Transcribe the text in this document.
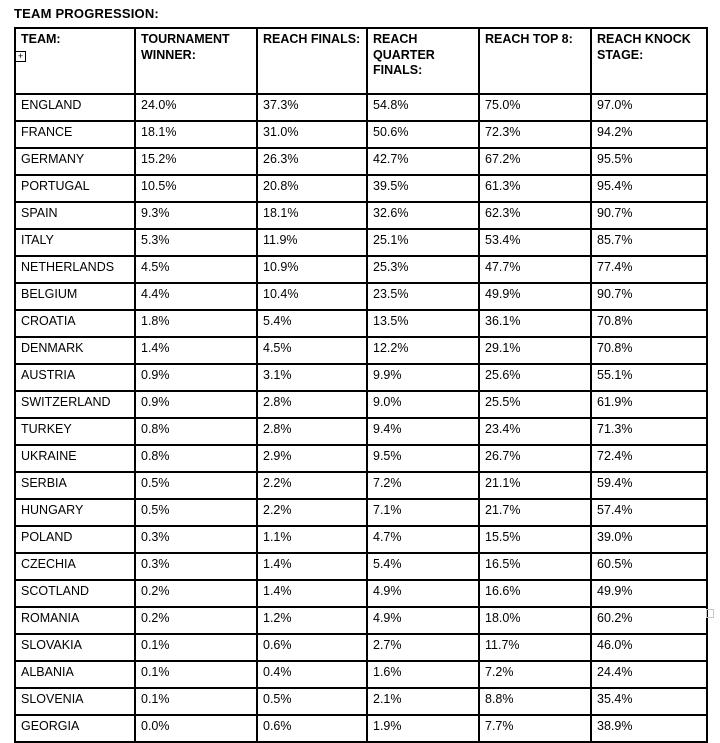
TEAM PROGRESSION:
+
TEAM:	TOURNAMENT WINNER:	REACH FINALS:	REACH QUARTER FINALS:	REACH TOP 8:	REACH KNOCK STAGE:
ENGLAND	24.0%	37.3%	54.8%	75.0%	97.0%
FRANCE	18.1%	31.0%	50.6%	72.3%	94.2%
GERMANY	15.2%	26.3%	42.7%	67.2%	95.5%
PORTUGAL	10.5%	20.8%	39.5%	61.3%	95.4%
SPAIN	9.3%	18.1%	32.6%	62.3%	90.7%
ITALY	5.3%	11.9%	25.1%	53.4%	85.7%
NETHERLANDS	4.5%	10.9%	25.3%	47.7%	77.4%
BELGIUM	4.4%	10.4%	23.5%	49.9%	90.7%
CROATIA	1.8%	5.4%	13.5%	36.1%	70.8%
DENMARK	1.4%	4.5%	12.2%	29.1%	70.8%
AUSTRIA	0.9%	3.1%	9.9%	25.6%	55.1%
SWITZERLAND	0.9%	2.8%	9.0%	25.5%	61.9%
TURKEY	0.8%	2.8%	9.4%	23.4%	71.3%
UKRAINE	0.8%	2.9%	9.5%	26.7%	72.4%
SERBIA	0.5%	2.2%	7.2%	21.1%	59.4%
HUNGARY	0.5%	2.2%	7.1%	21.7%	57.4%
POLAND	0.3%	1.1%	4.7%	15.5%	39.0%
CZECHIA	0.3%	1.4%	5.4%	16.5%	60.5%
SCOTLAND	0.2%	1.4%	4.9%	16.6%	49.9%
ROMANIA	0.2%	1.2%	4.9%	18.0%	60.2%
SLOVAKIA	0.1%	0.6%	2.7%	11.7%	46.0%
ALBANIA	0.1%	0.4%	1.6%	7.2%	24.4%
SLOVENIA	0.1%	0.5%	2.1%	8.8%	35.4%
GEORGIA	0.0%	0.6%	1.9%	7.7%	38.9%
